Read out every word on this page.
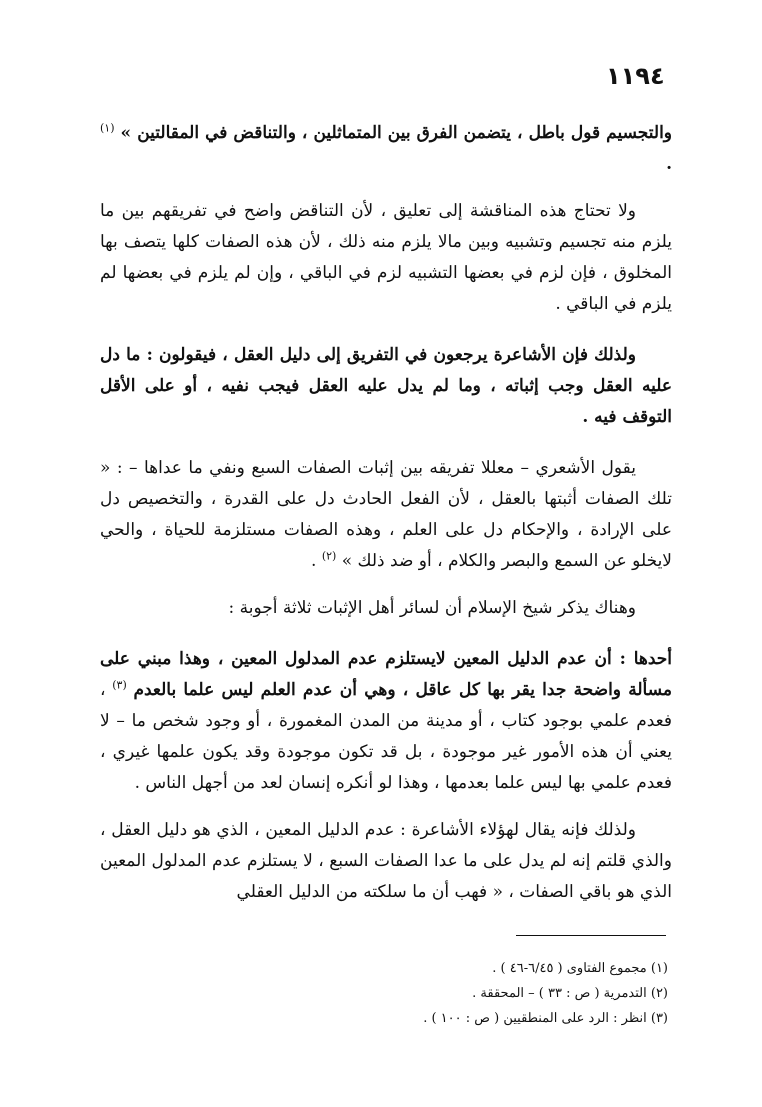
١١٩٤

والتجسيم قول باطل ، يتضمن الفرق بين المتماثلين ، والتناقض في المقالتين » $^{(١)}$ .

ولا تحتاج هذه المناقشة إلى تعليق ، لأن التناقض واضح في تفريقهم بين ما يلزم منه تجسيم وتشبيه وبين مالا يلزم منه ذلك ، لأن هذه الصفات كلها يتصف بها المخلوق ، فإن لزم في بعضها التشبيه لزم في الباقي ، وإن لم يلزم في بعضها لم يلزم في الباقي .

ولذلك فإن الأشاعرة يرجعون في التفريق إلى دليل العقل ، فيقولون : ما دل عليه العقل وجب إثباته ، وما لم يدل عليه العقل فيجب نفيه ، أو على الأقل التوقف فيه .

يقول الأشعري – معللا تفريقه بين إثبات الصفات السبع ونفي ما عداها – : « تلك الصفات أثبتها بالعقل ، لأن الفعل الحادث دل على القدرة ، والتخصيص دل على الإرادة ، والإحكام دل على العلم ، وهذه الصفات مستلزمة للحياة ، والحي لايخلو عن السمع والبصر والكلام ، أو ضد ذلك » $^{(٢)}$ .

وهناك يذكر شيخ الإسلام أن لسائر أهل الإثبات ثلاثة أجوبة :

أحدها : أن عدم الدليل المعين لايستلزم عدم المدلول المعين ، وهذا مبني على مسألة واضحة جدا يقر بها كل عاقل ، وهي أن عدم العلم ليس علما بالعدم $^{(٣)}$ ، فعدم علمي بوجود كتاب ، أو مدينة من المدن المغمورة ، أو وجود شخص ما – لا يعني أن هذه الأمور غير موجودة ، بل قد تكون موجودة وقد يكون علمها غيري ، فعدم علمي بها ليس علما بعدمها ، وهذا لو أنكره إنسان لعد من أجهل الناس .

ولذلك فإنه يقال لهؤلاء الأشاعرة : عدم الدليل المعين ، الذي هو دليل العقل ، والذي قلتم إنه لم يدل على ما عدا الصفات السبع ، لا يستلزم عدم المدلول المعين الذي هو باقي الصفات ، « فهب أن ما سلكته من الدليل العقلي

(١) مجموع الفتاوى ( ٦/٤٥-٤٦ ) .

(٢) التدمرية ( ص : ٣٣ ) – المحققة .

(٣) انظر : الرد على المنطقيين ( ص : ١٠٠ ) .
